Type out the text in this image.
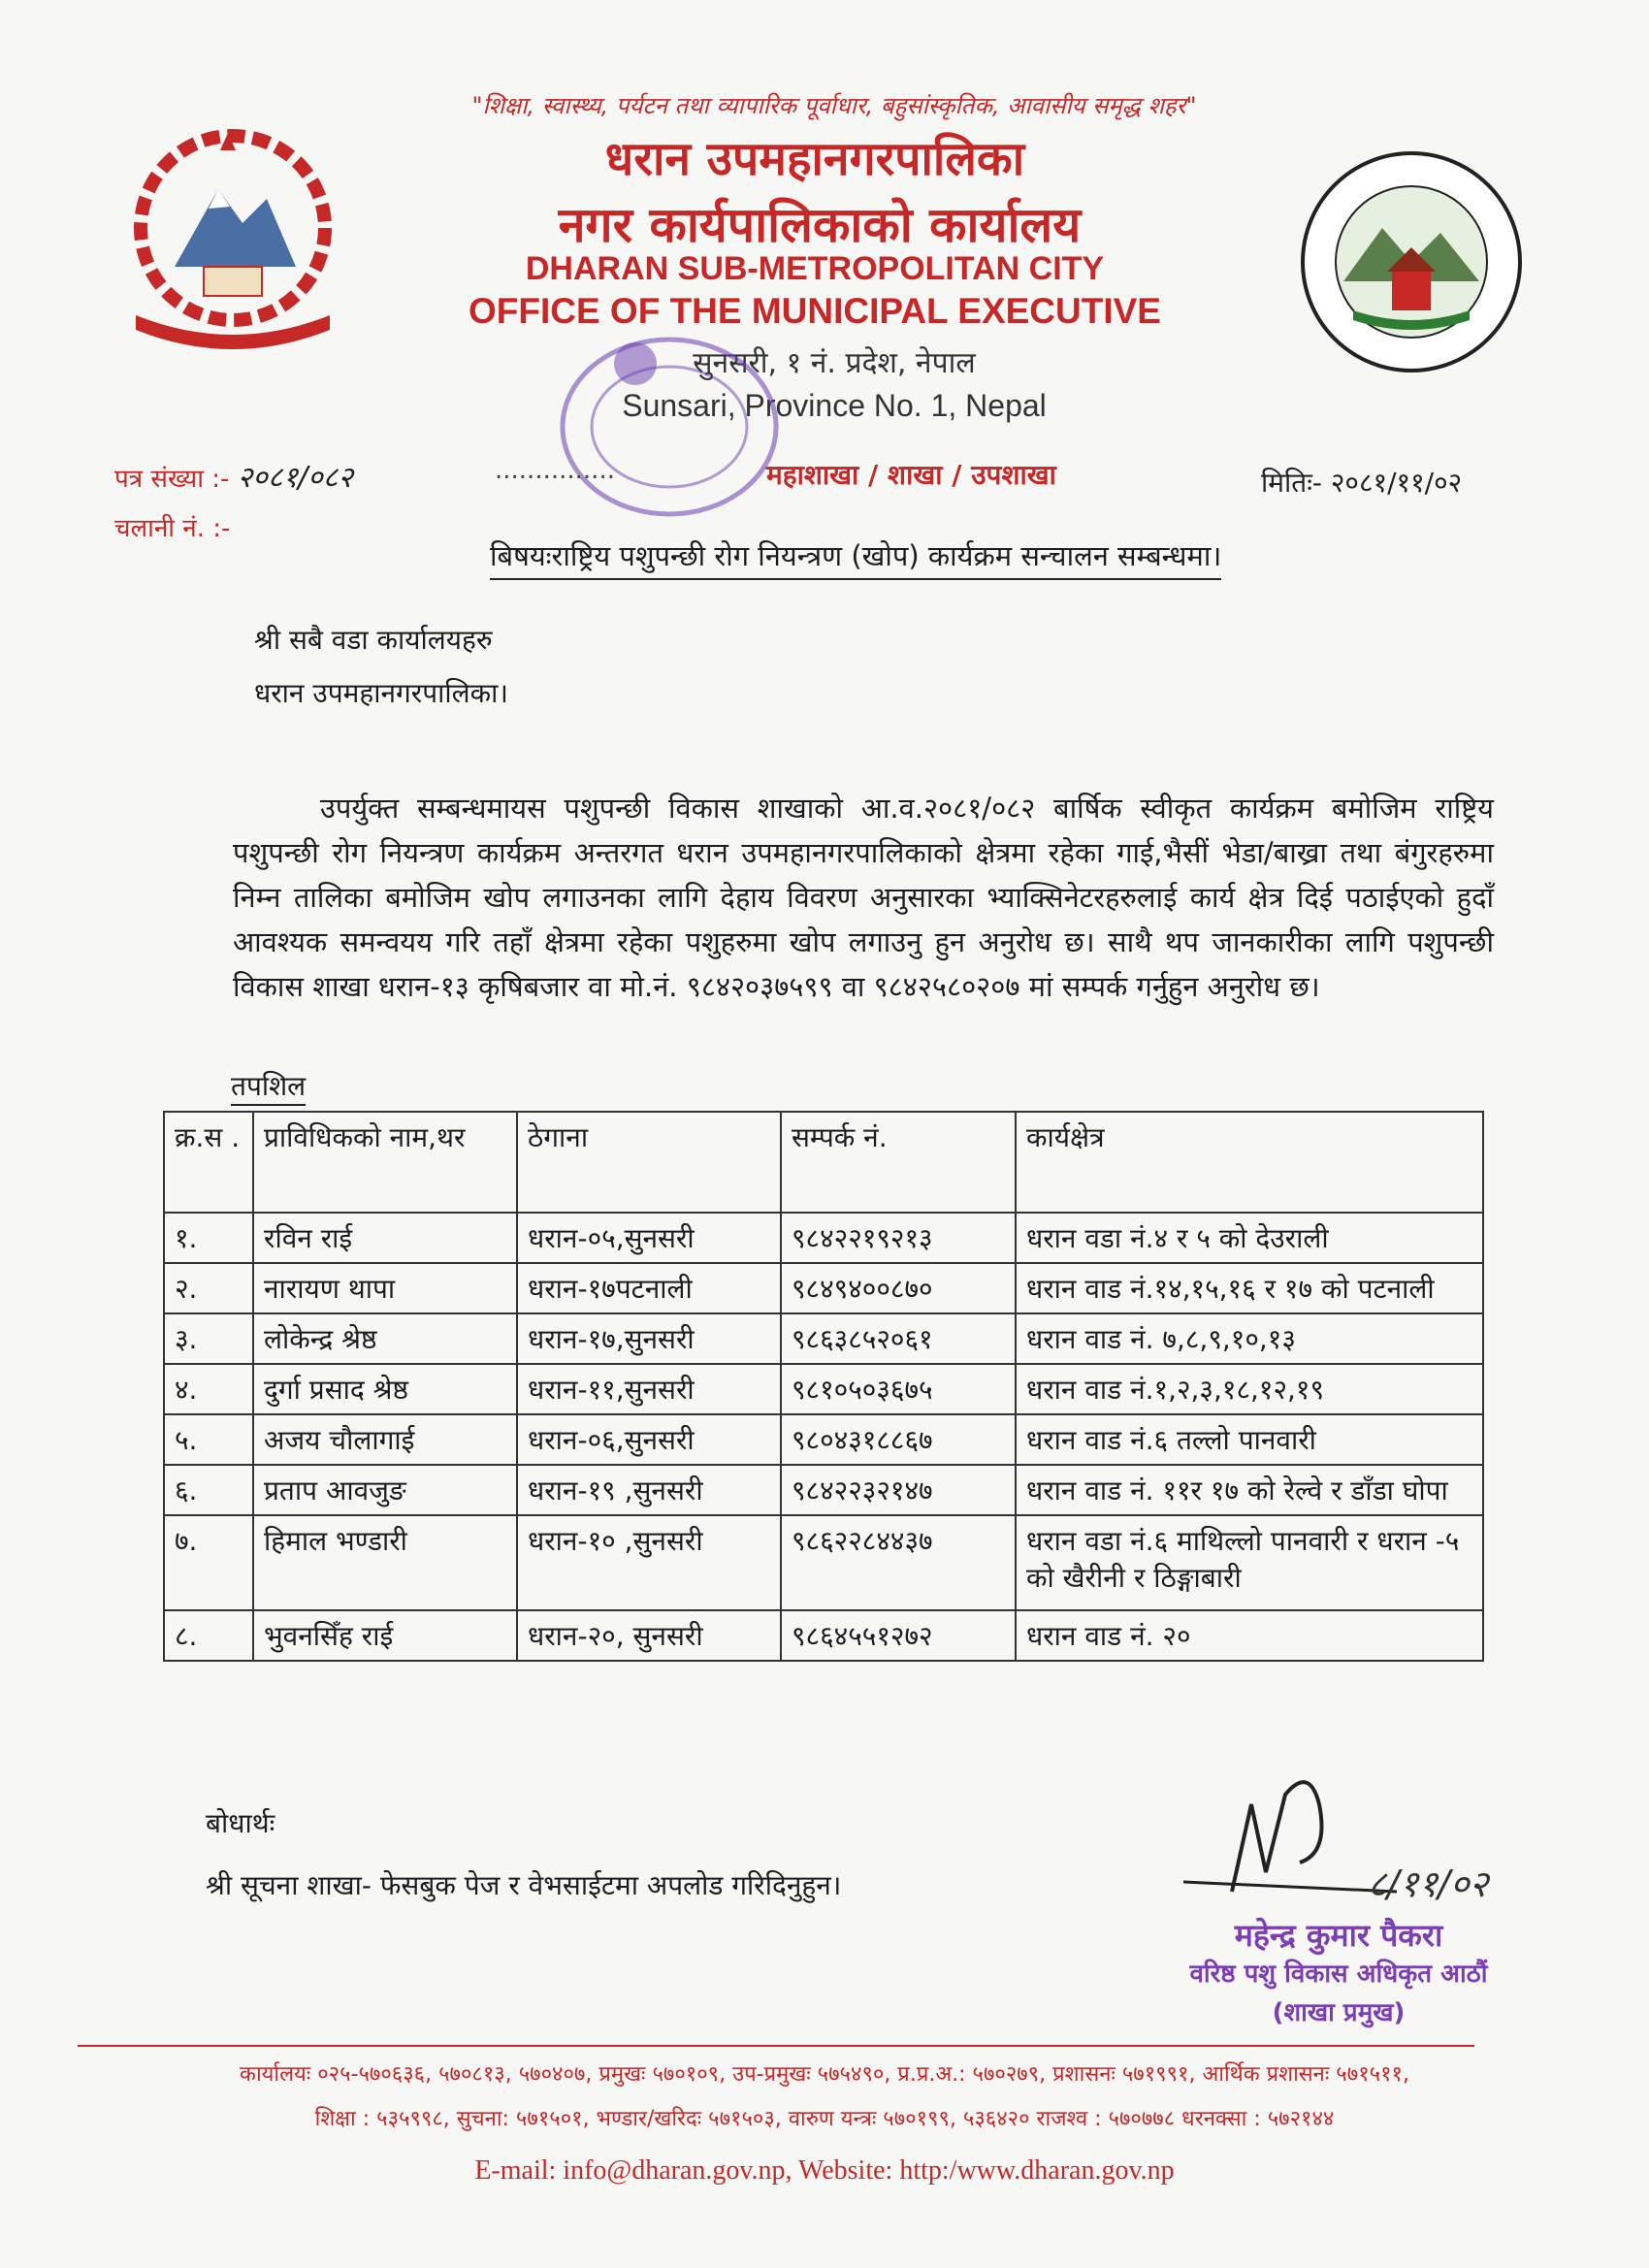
"शिक्षा, स्वास्थ्य, पर्यटन तथा व्यापारिक पूर्वाधार, बहुसांस्कृतिक, आवासीय समृद्ध शहर"
धरान उपमहानगरपालिका
नगर कार्यपालिकाको कार्यालय
DHARAN SUB-METROPOLITAN CITY
OFFICE OF THE MUNICIPAL EXECUTIVE
सुनसरी, १ नं. प्रदेश, नेपाल
Sunsari, Province No. 1, Nepal
पत्र संख्या :- २०८१/०८२
चलानी नं. :-
...............	महाशाखा / शाखा / उपशाखा	मितिः- २०८१/११/०२
बिषयःराष्ट्रिय पशुपन्छी रोग नियन्त्रण (खोप) कार्यक्रम सन्चालन सम्बन्धमा।
श्री सबै वडा कार्यालयहरु
धरान उपमहानगरपालिका।
उपर्युक्त सम्बन्धमायस पशुपन्छी विकास शाखाको आ.व.२०८१/०८२ बार्षिक स्वीकृत कार्यक्रम बमोजिम राष्ट्रिय पशुपन्छी रोग नियन्त्रण कार्यक्रम अन्तरगत धरान उपमहानगरपालिकाको क्षेत्रमा रहेका गाई,भैसीं भेडा/बाख्रा तथा बंगुरहरुमा निम्न तालिका बमोजिम खोप लगाउनका लागि देहाय विवरण अनुसारका भ्याक्सिनेटरहरुलाई कार्य क्षेत्र दिई पठाईएको हुदाँ आवश्यक समन्वयय गरि तहाँ क्षेत्रमा रहेका पशुहरुमा खोप लगाउनु हुन अनुरोध छ। साथै थप जानकारीका लागि पशुपन्छी विकास शाखा धरान-१३ कृषिबजार वा मो.नं. ९८४२०३७५९९ वा ९८४२५८०२०७ मां सम्पर्क गर्नुहुन अनुरोध छ।
तपशिल
क्र.स .	प्राविधिकको नाम,थर	ठेगाना	सम्पर्क नं.	कार्यक्षेत्र
१.	रविन राई	धरान-०५,सुनसरी	९८४२२१९२१३	धरान वडा नं.४ र ५ को देउराली
२.	नारायण थापा	धरान-१७पटनाली	९८४९४००८७०	धरान वाड नं.१४,१५,१६ र १७ को पटनाली
३.	लोकेन्द्र श्रेष्ठ	धरान-१७,सुनसरी	९८६३८५२०६१	धरान वाड नं. ७,८,९,१०,१३
४.	दुर्गा प्रसाद श्रेष्ठ	धरान-११,सुनसरी	९८१०५०३६७५	धरान वाड नं.१,२,३,१८,१२,१९
५.	अजय चौलागाई	धरान-०६,सुनसरी	९८०४३१८८६७	धरान वाड नं.६ तल्लो पानवारी
६.	प्रताप आवजुङ	धरान-१९ ,सुनसरी	९८४२२३२१४७	धरान वाड नं. ११र १७ को रेल्वे र डाँडा घोपा
७.	हिमाल भण्डारी	धरान-१० ,सुनसरी	९८६२२८४४३७	धरान वडा नं.६ माथिल्लो पानवारी र धरान -५ को खैरीनी र ठिङ्गाबारी
८.	भुवनसिँह राई	धरान-२०, सुनसरी	९८६४५५१२७२	धरान वाड नं. २०
बोधार्थः
श्री सूचना शाखा- फेसबुक पेज र वेभसाईटमा अपलोड गरिदिनुहुन।	८/११/०२
महेन्द्र कुमार पैकरा
वरिष्ठ पशु विकास अधिकृत आठौं
(शाखा प्रमुख)
कार्यालयः ०२५-५७०६३६, ५७०८१३, ५७०४०७, प्रमुखः ५७०१०९, उप-प्रमुखः ५७५४९०, प्र.प्र.अ.: ५७०२७९, प्रशासनः ५७१९९१, आर्थिक प्रशासनः ५७१५११,
शिक्षा : ५३५९९८, सुचना: ५७१५०१, भण्डार/खरिदः ५७१५०३, वारुण यन्त्रः ५७०१९९, ५३६४२० राजश्व : ५७०७७८ धरनक्सा : ५७२१४४
E-mail: info@dharan.gov.np, Website: http:/www.dharan.gov.np
